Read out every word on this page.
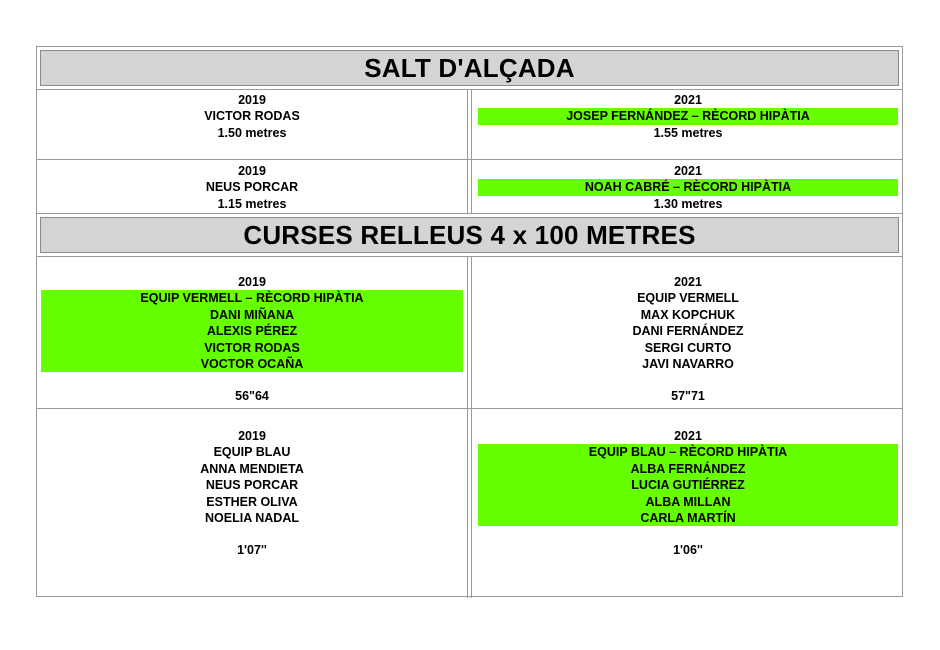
SALT D'ALÇADA
2019
VICTOR RODAS
1.50 metres
2021
JOSEP FERNÁNDEZ – RÈCORD HIPÀTIA
1.55 metres
2019
NEUS PORCAR
1.15 metres
2021
NOAH CABRÉ – RÈCORD HIPÀTIA
1.30 metres
CURSES RELLEUS 4 x 100 METRES
2019
EQUIP VERMELL – RÈCORD HIPÀTIA
DANI MIÑANA
ALEXIS PÉREZ
VICTOR RODAS
VOCTOR OCAÑA
56"64
2021
EQUIP VERMELL
MAX KOPCHUK
DANI FERNÁNDEZ
SERGI CURTO
JAVI NAVARRO
57"71
2019
EQUIP BLAU
ANNA MENDIETA
NEUS PORCAR
ESTHER OLIVA
NOELIA NADAL
1'07''
2021
EQUIP BLAU – RÈCORD HIPÀTIA
ALBA FERNÁNDEZ
LUCIA GUTIÉRREZ
ALBA MILLAN
CARLA MARTÍN
1'06''
